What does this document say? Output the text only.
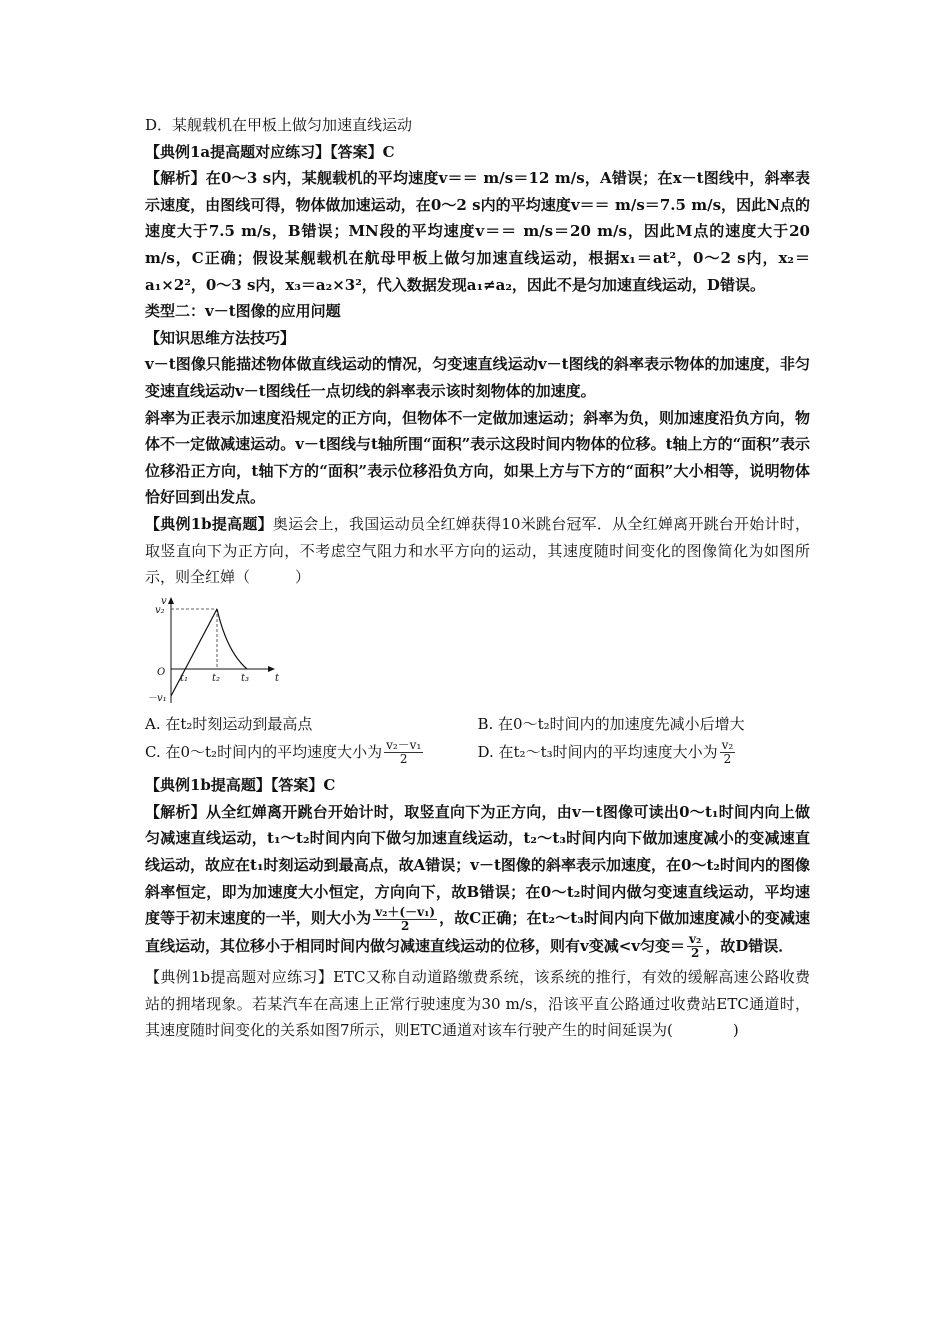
D．某舰载机在甲板上做匀加速直线运动

【典例1a提高题对应练习】【答案】C

【解析】在0～3 s内，某舰载机的平均速度v＝＝ m/s＝12 m/s，A错误；在x－t图线中，斜率表示速度，由图线可得，物体做加速运动，在0～2 s内的平均速度v＝＝ m/s＝7.5 m/s，因此N点的速度大于7.5 m/s，B错误；MN段的平均速度v＝＝ m/s＝20 m/s，因此M点的速度大于20 m/s，C正确；假设某舰载机在航母甲板上做匀加速直线运动，根据x₁＝at²，0～2 s内，x₂＝a₁×2²，0～3 s内，x₃＝a₂×3²，代入数据发现a₁≠a₂，因此不是匀加速直线运动，D错误。

类型二：v－t图像的应用问题

【知识思维方法技巧】

v－t图像只能描述物体做直线运动的情况，匀变速直线运动v－t图线的斜率表示物体的加速度，非匀变速直线运动v－t图线任一点切线的斜率表示该时刻物体的加速度。

斜率为正表示加速度沿规定的正方向，但物体不一定做加速运动；斜率为负，则加速度沿负方向，物体不一定做减速运动。v－t图线与t轴所围“面积”表示这段时间内物体的位移。t轴上方的“面积”表示位移沿正方向，t轴下方的“面积”表示位移沿负方向，如果上方与下方的“面积”大小相等，说明物体恰好回到出发点。

【典例1b提高题】奥运会上，我国运动员全红婵获得10米跳台冠军．从全红婵离开跳台开始计时，取竖直向下为正方向，不考虑空气阻力和水平方向的运动，其速度随时间变化的图像简化为如图所示，则全红婵（　　　）

v
t
O
v₂
－v₁
t₁ t₂ t₃
A. 在t₂时刻运动到最高点	B. 在0～t₂时间内的加速度先减小后增大
C. 在0～t₂时间内的平均速度大小为 $\frac{\text{v₂－v₁}}{2}$	D. 在t₂～t₃时间内的平均速度大小为 $\frac{\text{v₂}}{2}$

【典例1b提高题】【答案】C

【解析】从全红婵离开跳台开始计时，取竖直向下为正方向，由v－t图像可读出0～t₁时间内向上做匀减速直线运动，t₁～t₂时间内向下做匀加速直线运动，t₂～t₃时间内向下做加速度减小的变减速直线运动，故应在t₁时刻运动到最高点，故A错误；v－t图像的斜率表示加速度，在0～t₂时间内的图像斜率恒定，即为加速度大小恒定，方向向下，故B错误；在0～t₂时间内做匀变速直线运动，平均速度等于初末速度的一半，则大小为 $\frac{\text{v₂＋(－v₁)}}{2}$ ，故C正确；在t₂～t₃时间内向下做加速度减小的变减速直线运动，其位移小于相同时间内做匀减速直线运动的位移，则有v变减<v匀变＝ $\frac{\text{v₂}}{2}$ ，故D错误．

【典例1b提高题对应练习】ETC又称自动道路缴费系统，该系统的推行，有效的缓解高速公路收费站的拥堵现象。若某汽车在高速上正常行驶速度为30 m/s，沿该平直公路通过收费站ETC通道时，其速度随时间变化的关系如图7所示，则ETC通道对该车行驶产生的时间延误为(　　　　)
